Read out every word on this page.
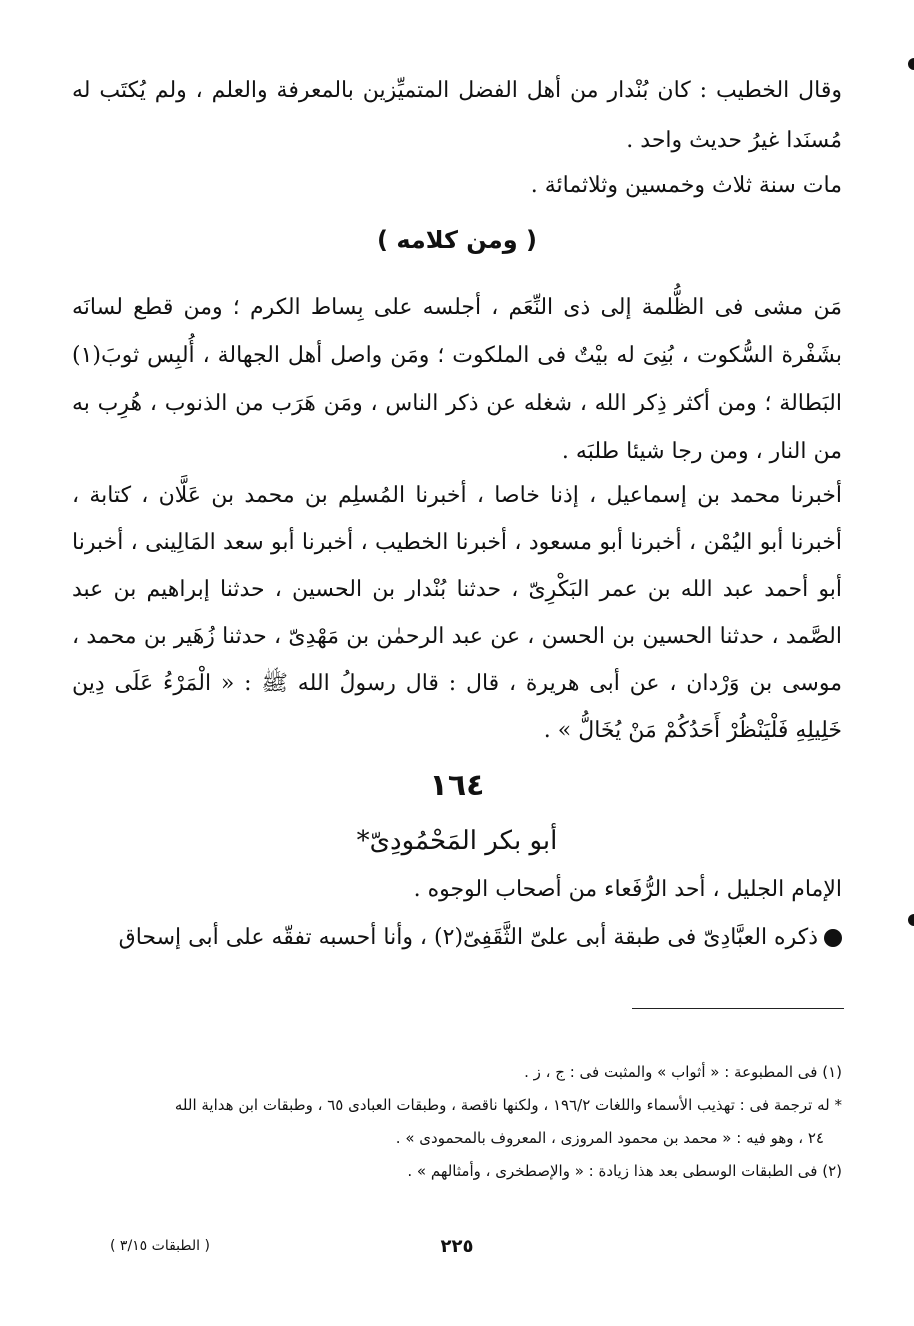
وقال الخطيب : كان بُنْدار من أهل الفضل المتميِّزين بالمعرفة والعلم ، ولم يُكتَب له مُسنَدا غيرُ حديث واحد .
مات سنة ثلاث وخمسين وثلاثمائة .
( ومن كلامه )
مَن مشى فى الظُّلمة إلى ذى النِّعَم ، أجلسه على بِساط الكرم ؛ ومن قطع لسانَه بشَفْرة السُّكوت ، بُنِىَ له بيْتٌ فى الملكوت ؛ ومَن واصل أهل الجهالة ، أُلبِس ثوبَ(١) البَطالة ؛ ومن أكثر ذِكر الله ، شغله عن ذكر الناس ، ومَن هَرَب من الذنوب ، هُرِب به من النار ، ومن رجا شيئا طلبَه .
أخبرنا محمد بن إسماعيل ، إذنا خاصا ، أخبرنا المُسلِم بن محمد بن عَلَّان ، كتابة ، أخبرنا أبو اليُمْن ، أخبرنا أبو مسعود ، أخبرنا الخطيب ، أخبرنا أبو سعد المَالِينى ، أخبرنا أبو أحمد عبد الله بن عمر البَكْرِىّ ، حدثنا بُنْدار بن الحسين ، حدثنا إبراهيم بن عبد الصَّمد ، حدثنا الحسين بن الحسن ، عن عبد الرحمٰن بن مَهْدِىّ ، حدثنا زُهَير بن محمد ، موسى بن وَرْدان ، عن أبى هريرة ، قال : قال رسولُ الله ﷺ : « الْمَرْءُ عَلَى دِين خَلِيلِهِ فَلْيَنْظُرْ أَحَدُكُمْ مَنْ يُخَالُّ » .
١٦٤
أبو بكر المَحْمُودِىّ*
الإمام الجليل ، أحد الرُّفَعاء من أصحاب الوجوه .
ذكره العبَّادِىّ فى طبقة أبى علىّ الثَّقَفِىّ(٢) ، وأنا أحسبه تفقّه على أبى إسحاق
(١) فى المطبوعة : « أثواب » والمثبت فى : ج ، ز .
* له ترجمة فى : تهذيب الأسماء واللغات ١٩٦/٢ ، ولكنها ناقصة ، وطبقات العبادى ٦٥ ، وطبقات ابن هداية الله
٢٤ ، وهو فيه : « محمد بن محمود المروزى ، المعروف بالمحمودى » .
(٢) فى الطبقات الوسطى بعد هذا زيادة : « والإصطخرى ، وأمثالهم » .
٢٢٥
( الطبقات ٣/١٥ )
